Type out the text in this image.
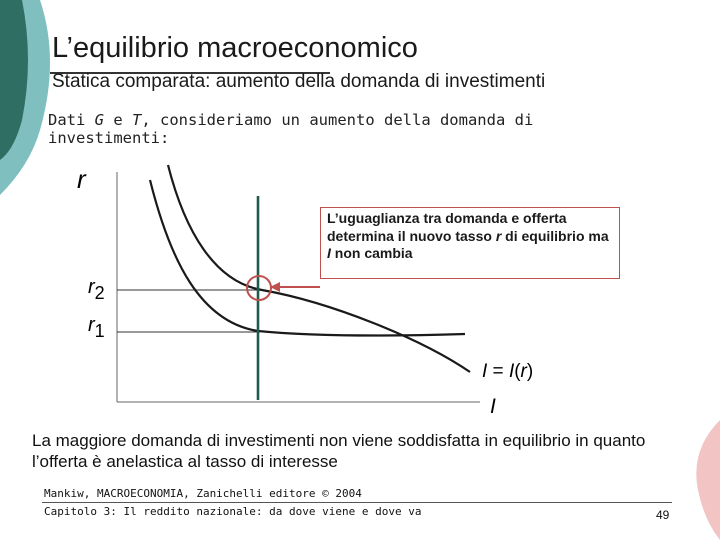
L’equilibrio macroeconomico
Statica comparata: aumento della domanda di investimenti
Dati G e T, consideriamo un aumento della domanda di investimenti:
r
r2
r1
I = I(r)
I
L’uguaglianza tra domanda e offerta determina il nuovo tasso r di equilibrio ma I non cambia
La maggiore domanda di investimenti non viene soddisfatta in equilibrio in quanto l’offerta è anelastica al tasso di interesse
Mankiw, MACROECONOMIA, Zanichelli editore © 2004
Capitolo 3: Il reddito nazionale: da dove viene e dove va	49
